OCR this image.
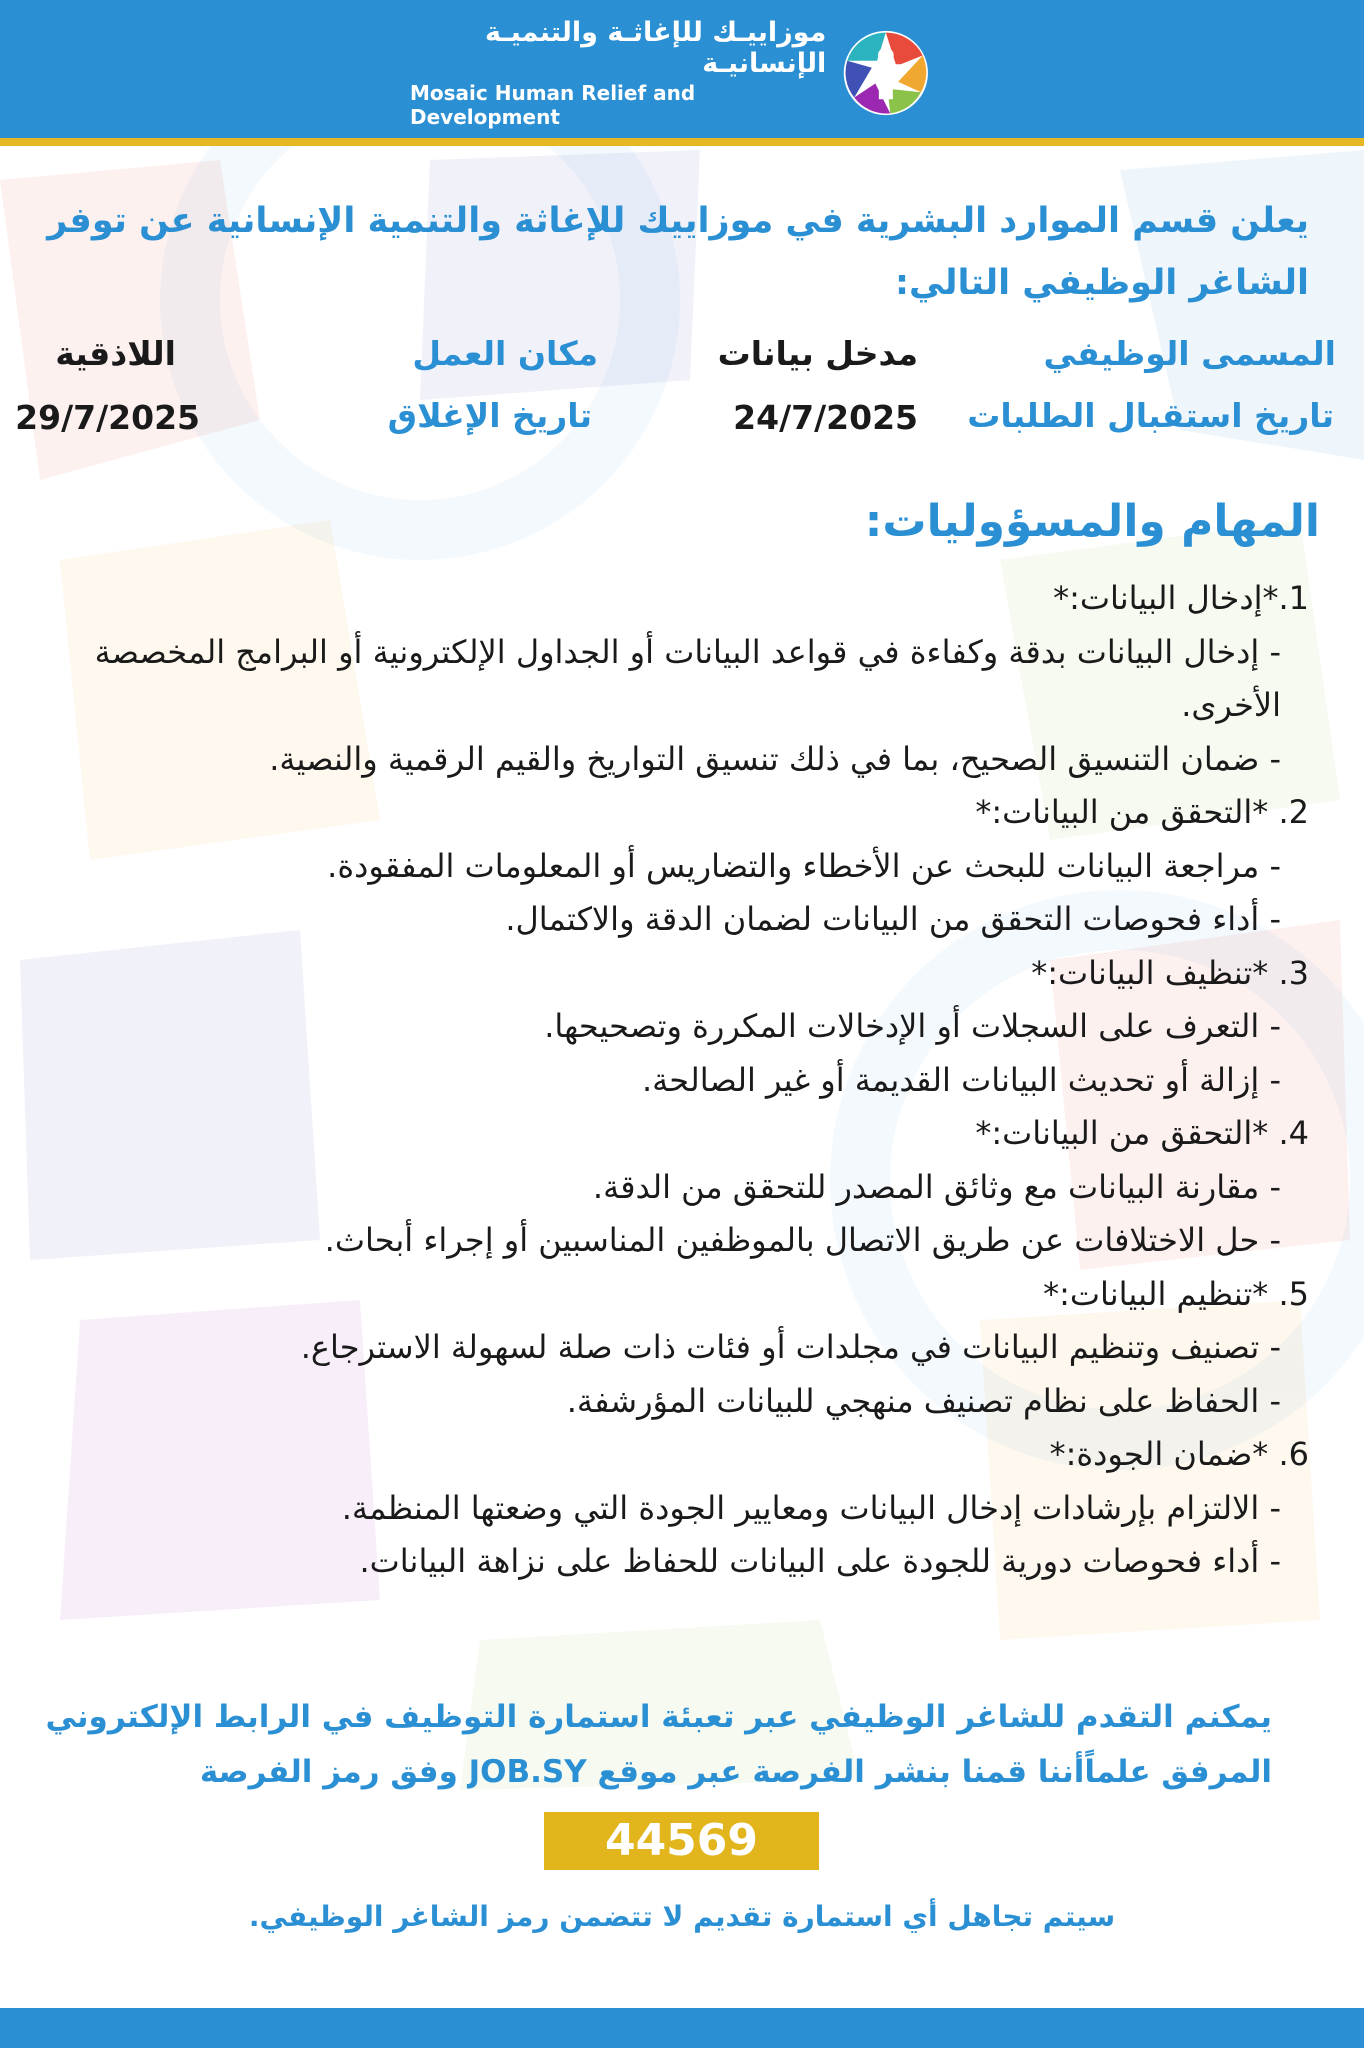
موزاييـك للإغاثـة والتنميـة الإنسانيـة
Mosaic Human Relief and Development

يعلن قسم الموارد البشرية في موزاييك للإغاثة والتنمية الإنسانية عن توفر الشاغر الوظيفي التالي:

المسمى الوظيفي
مدخل بيانات
مكان العمل
اللاذقية
تاريخ استقبال الطلبات
24/7/2025
تاريخ الإغلاق
29/7/2025
المهام والمسؤوليات:

1.*إدخال البيانات:*

- إدخال البيانات بدقة وكفاءة في قواعد البيانات أو الجداول الإلكترونية أو البرامج المخصصة الأخرى.

- ضمان التنسيق الصحيح، بما في ذلك تنسيق التواريخ والقيم الرقمية والنصية.

2. *التحقق من البيانات:*

- مراجعة البيانات للبحث عن الأخطاء والتضاريس أو المعلومات المفقودة.

- أداء فحوصات التحقق من البيانات لضمان الدقة والاكتمال.

3. *تنظيف البيانات:*

- التعرف على السجلات أو الإدخالات المكررة وتصحيحها.

- إزالة أو تحديث البيانات القديمة أو غير الصالحة.

4. *التحقق من البيانات:*

- مقارنة البيانات مع وثائق المصدر للتحقق من الدقة.

- حل الاختلافات عن طريق الاتصال بالموظفين المناسبين أو إجراء أبحاث.

5. *تنظيم البيانات:*

- تصنيف وتنظيم البيانات في مجلدات أو فئات ذات صلة لسهولة الاسترجاع.

- الحفاظ على نظام تصنيف منهجي للبيانات المؤرشفة.

6. *ضمان الجودة:*

- الالتزام بإرشادات إدخال البيانات ومعايير الجودة التي وضعتها المنظمة.

- أداء فحوصات دورية للجودة على البيانات للحفاظ على نزاهة البيانات.

يمكنم التقدم للشاغر الوظيفي عبر تعبئة استمارة التوظيف في الرابط الإلكتروني
المرفق علماًأننا قمنا بنشر الفرصة عبر موقع JOB.SY وفق رمز الفرصة
44569
سيتم تجاهل أي استمارة تقديم لا تتضمن رمز الشاغر الوظيفي.
